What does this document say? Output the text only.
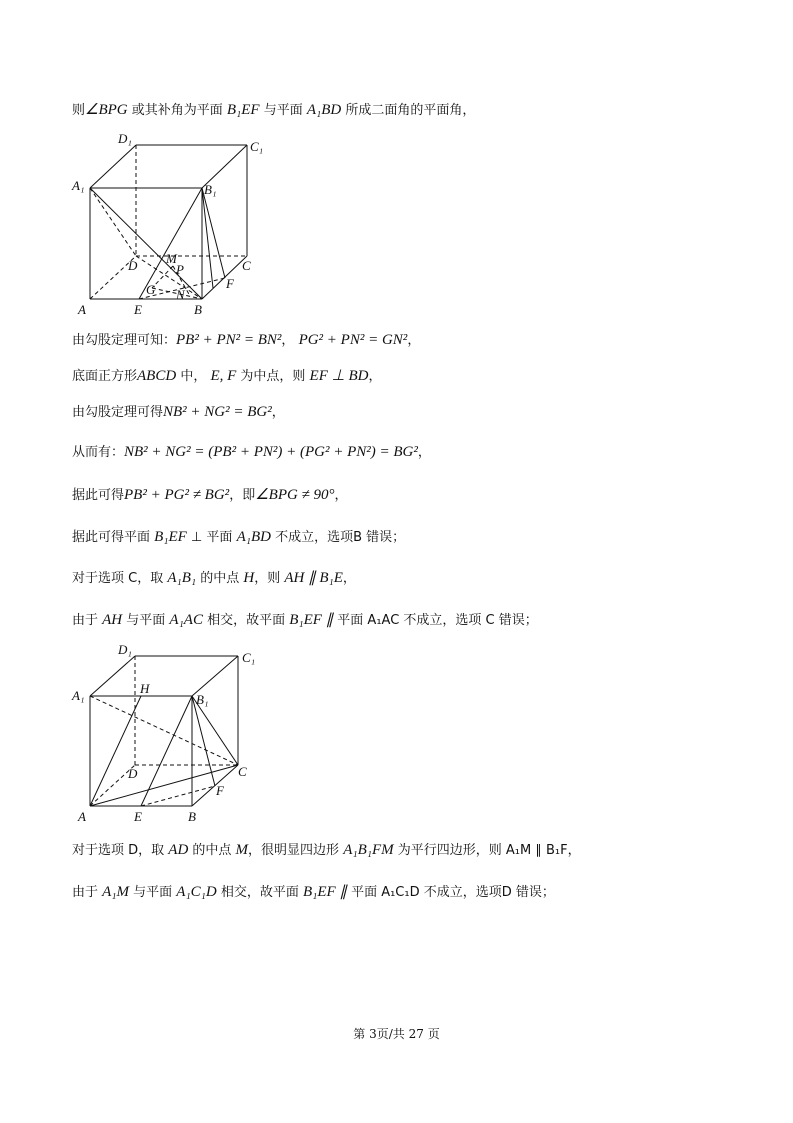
则∠BPG 或其补角为平面 B₁EF 与平面 A₁BD 所成二面角的平面角，
D₁
C₁
A₁	B₁
M
P
D	C
F
G N
A	E	B
由勾股定理可知：PB² + PN² = BN²， PG² + PN² = GN²，
底面正方形ABCD 中， E, F 为中点，则 EF ⊥ BD，
由勾股定理可得NB² + NG² = BG²，
从而有：NB² + NG² = (PB² + PN²) + (PG² + PN²) = BG²，
据此可得PB² + PG² ≠ BG²，即∠BPG ≠ 90°，
据此可得平面 B₁EF ⊥ 平面 A₁BD 不成立，选项B 错误；
对于选项 C，取 A₁B₁ 的中点 H，则 AH ∥ B₁E，
由于 AH 与平面 A₁AC 相交，故平面 B₁EF ∥ 平面 A₁AC 不成立，选项 C 错误；
D₁
C₁
A₁	H
B₁
D	C
F
A	E	B
对于选项 D，取 AD 的中点 M，很明显四边形 A₁B₁FM 为平行四边形，则 A₁M ∥ B₁F，
由于 A₁M 与平面 A₁C₁D 相交，故平面 B₁EF ∥ 平面 A₁C₁D 不成立，选项D 错误；
第 3页/共 27 页
